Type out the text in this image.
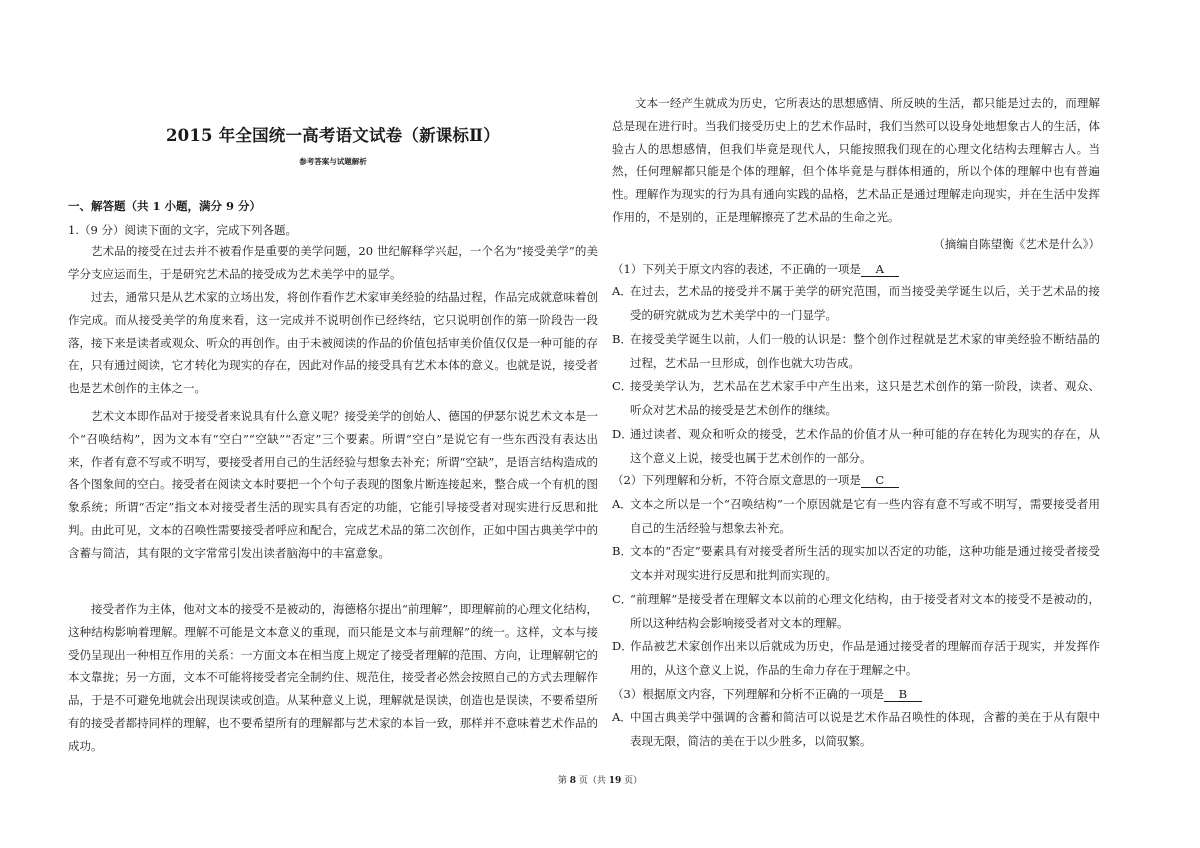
2015 年全国统一高考语文试卷（新课标Ⅱ）
参考答案与试题解析
一、解答题（共 1 小题，满分 9 分）
1.（9 分）阅读下面的文字，完成下列各题。

艺术品的接受在过去并不被看作是重要的美学问题，20 世纪解释学兴起，一个名为“接受美学”的美学分支应运而生，于是研究艺术品的接受成为艺术美学中的显学。

过去，通常只是从艺术家的立场出发，将创作看作艺术家审美经验的结晶过程，作品完成就意味着创作完成。而从接受美学的角度来看，这一完成并不说明创作已经终结，它只说明创作的第一阶段告一段落，接下来是读者或观众、听众的再创作。由于未被阅读的作品的价值包括审美价值仅仅是一种可能的存在，只有通过阅读，它才转化为现实的存在，因此对作品的接受具有艺术本体的意义。也就是说，接受者也是艺术创作的主体之一。

艺术文本即作品对于接受者来说具有什么意义呢？接受美学的创始人、德国的伊瑟尔说艺术文本是一个“召唤结构”，因为文本有“空白”“空缺”“否定”三个要素。所谓“空白”是说它有一些东西没有表达出来，作者有意不写或不明写，要接受者用自己的生活经验与想象去补充；所谓“空缺”，是语言结构造成的各个图象间的空白。接受者在阅读文本时要把一个个句子表现的图象片断连接起来，整合成一个有机的图象系统；所谓“否定”指文本对接受者生活的现实具有否定的功能，它能引导接受者对现实进行反思和批判。由此可见，文本的召唤性需要接受者呼应和配合，完成艺术品的第二次创作，正如中国古典美学中的含蓄与简洁，其有限的文字常常引发出读者脑海中的丰富意象。

接受者作为主体，他对文本的接受不是被动的，海德格尔提出“前理解”，即理解前的心理文化结构，这种结构影响着理解。理解不可能是文本意义的重现，而只能是文本与前理解”的统一。这样，文本与接受仍呈现出一种相互作用的关系：一方面文本在相当度上规定了接受者理解的范围、方向，让理解朝它的本文靠拢；另一方面，文本不可能将接受者完全制约住、规范住，接受者必然会按照自己的方式去理解作品，于是不可避免地就会出现误读或创造。从某种意义上说，理解就是误读，创造也是误读，不要希望所有的接受者都持同样的理解，也不要希望所有的理解都与艺术家的本旨一致，那样并不意味着艺术作品的成功。

文本一经产生就成为历史，它所表达的思想感情、所反映的生活，都只能是过去的，而理解总是现在进行时。当我们接受历史上的艺术作品时，我们当然可以设身处地想象古人的生活，体验古人的思想感情，但我们毕竟是现代人，只能按照我们现在的心理文化结构去理解古人。当然，任何理解都只能是个体的理解，但个体毕竟是与群体相通的，所以个体的理解中也有普遍性。理解作为现实的行为具有通向实践的品格，艺术品正是通过理解走向现实，并在生活中发挥作用的，不是别的，正是理解擦亮了艺术品的生命之光。

（摘编自陈望衡《艺术是什么》）
（1）下列关于原文内容的表述，不正确的一项是 A
A．
在过去，艺术品的接受并不属于美学的研究范围，而当接受美学诞生以后，关于艺术品的接受的研究就成为艺术美学中的一门显学。
B．
在接受美学诞生以前，人们一般的认识是：整个创作过程就是艺术家的审美经验不断结晶的过程，艺术品一旦形成，创作也就大功告成。
C．
接受美学认为，艺术品在艺术家手中产生出来，这只是艺术创作的第一阶段，读者、观众、听众对艺术品的接受是艺术创作的继续。
D．
通过读者、观众和听众的接受，艺术作品的价值才从一种可能的存在转化为现实的存在，从这个意义上说，接受也属于艺术创作的一部分。
（2）下列理解和分析，不符合原文意思的一项是 C
A．
文本之所以是一个“召唤结构”一个原因就是它有一些内容有意不写或不明写，需要接受者用自己的生活经验与想象去补充。
B．
文本的“否定”要素具有对接受者所生活的现实加以否定的功能，这种功能是通过接受者接受文本并对现实进行反思和批判而实现的。
C．
“前理解”是接受者在理解文本以前的心理文化结构，由于接受者对文本的接受不是被动的，所以这种结构会影响接受者对文本的理解。
D．
作品被艺术家创作出来以后就成为历史，作品是通过接受者的理解而存活于现实，并发挥作用的，从这个意义上说，作品的生命力存在于理解之中。
（3）根据原文内容，下列理解和分析不正确的一项是 B
A．
中国古典美学中强调的含蓄和简洁可以说是艺术作品召唤性的体现，含蓄的美在于从有限中表现无限，简洁的美在于以少胜多，以简驭繁。
第 8 页（共 19 页）
